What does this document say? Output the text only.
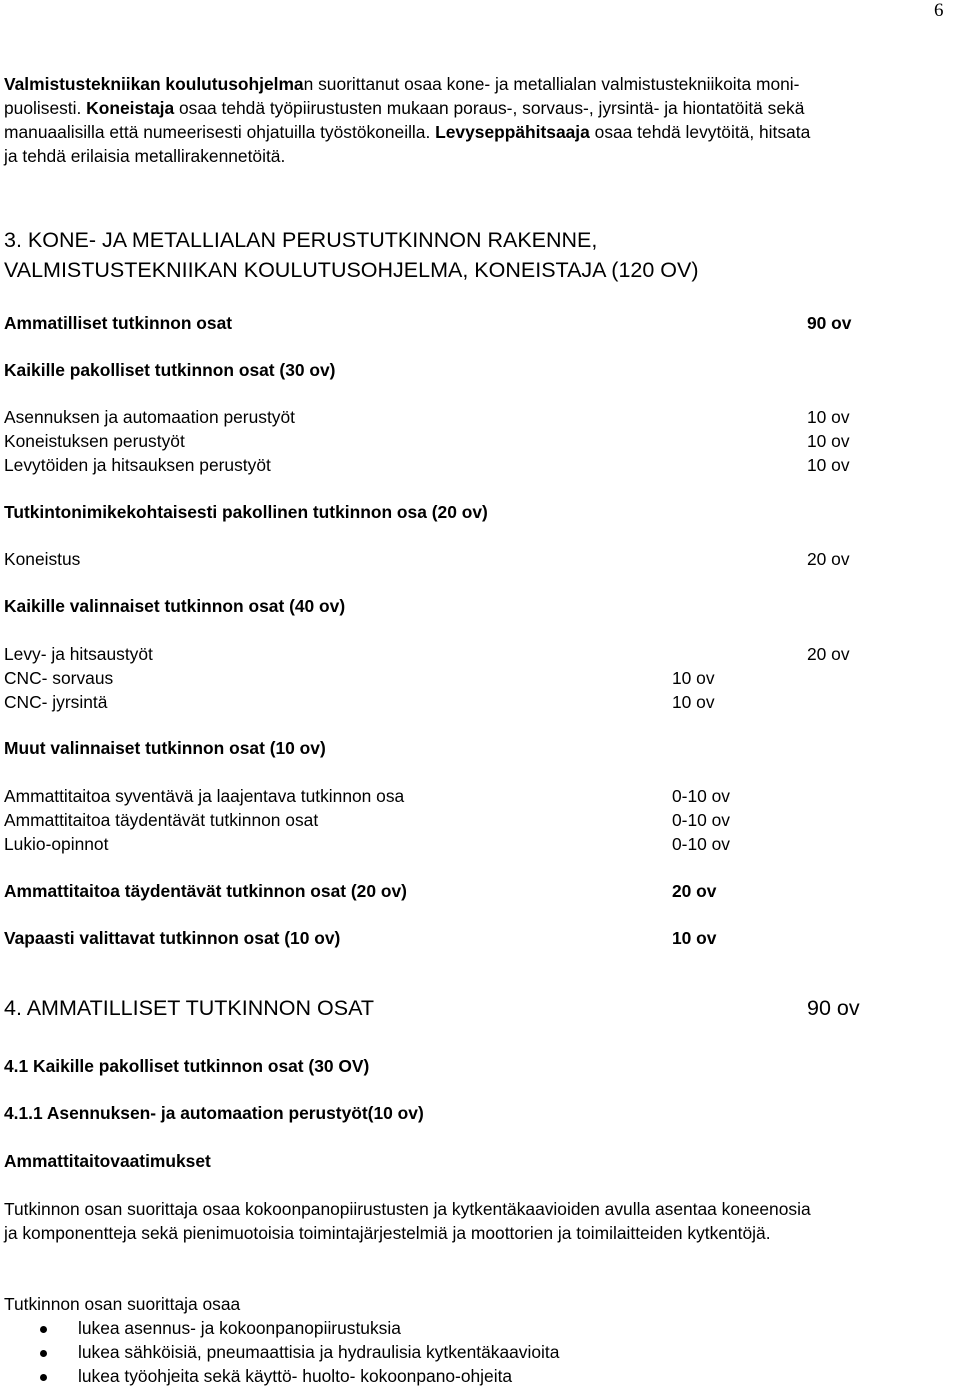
6
Valmistustekniikan koulutusohjelman suorittanut osaa kone- ja metallialan valmistustekniikoita moni-
puolisesti. Koneistaja osaa tehdä työpiirustusten mukaan poraus-, sorvaus-, jyrsintä- ja hiontatöitä sekä
manuaalisilla että numeerisesti ohjatuilla työstökoneilla. Levyseppähitsaaja osaa tehdä levytöitä, hitsata
ja tehdä erilaisia metallirakennetöitä.
3. KONE- JA METALLIALAN PERUSTUTKINNON RAKENNE,
VALMISTUSTEKNIIKAN KOULUTUSOHJELMA, KONEISTAJA (120 OV)
Ammatilliset tutkinnon osat	90 ov
Kaikille pakolliset tutkinnon osat (30 ov)
Asennuksen ja automaation perustyöt	10 ov
Koneistuksen perustyöt	10 ov
Levytöiden ja hitsauksen perustyöt	10 ov
Tutkintonimikekohtaisesti pakollinen tutkinnon osa (20 ov)
Koneistus	20 ov
Kaikille valinnaiset tutkinnon osat (40 ov)
Levy- ja hitsaustyöt	20 ov
CNC- sorvaus	10 ov
CNC- jyrsintä	10 ov
Muut valinnaiset tutkinnon osat (10 ov)
Ammattitaitoa syventävä ja laajentava tutkinnon osa	0-10 ov
Ammattitaitoa täydentävät tutkinnon osat	0-10 ov
Lukio-opinnot	0-10 ov
Ammattitaitoa täydentävät tutkinnon osat (20 ov)	20 ov
Vapaasti valittavat tutkinnon osat (10 ov)	10 ov
4. AMMATILLISET TUTKINNON OSAT	90 ov
4.1 Kaikille pakolliset tutkinnon osat (30 OV)
4.1.1 Asennuksen- ja automaation perustyöt(10 ov)
Ammattitaitovaatimukset
Tutkinnon osan suorittaja osaa kokoonpanopiirustusten ja kytkentäkaavioiden avulla asentaa koneenosia
ja komponentteja sekä pienimuotoisia toimintajärjestelmiä ja moottorien ja toimilaitteiden kytkentöjä.
Tutkinnon osan suorittaja osaa
lukea asennus- ja kokoonpanopiirustuksia
lukea sähköisiä, pneumaattisia ja hydraulisia kytkentäkaavioita
lukea työohjeita sekä käyttö- huolto- kokoonpano-ohjeita
